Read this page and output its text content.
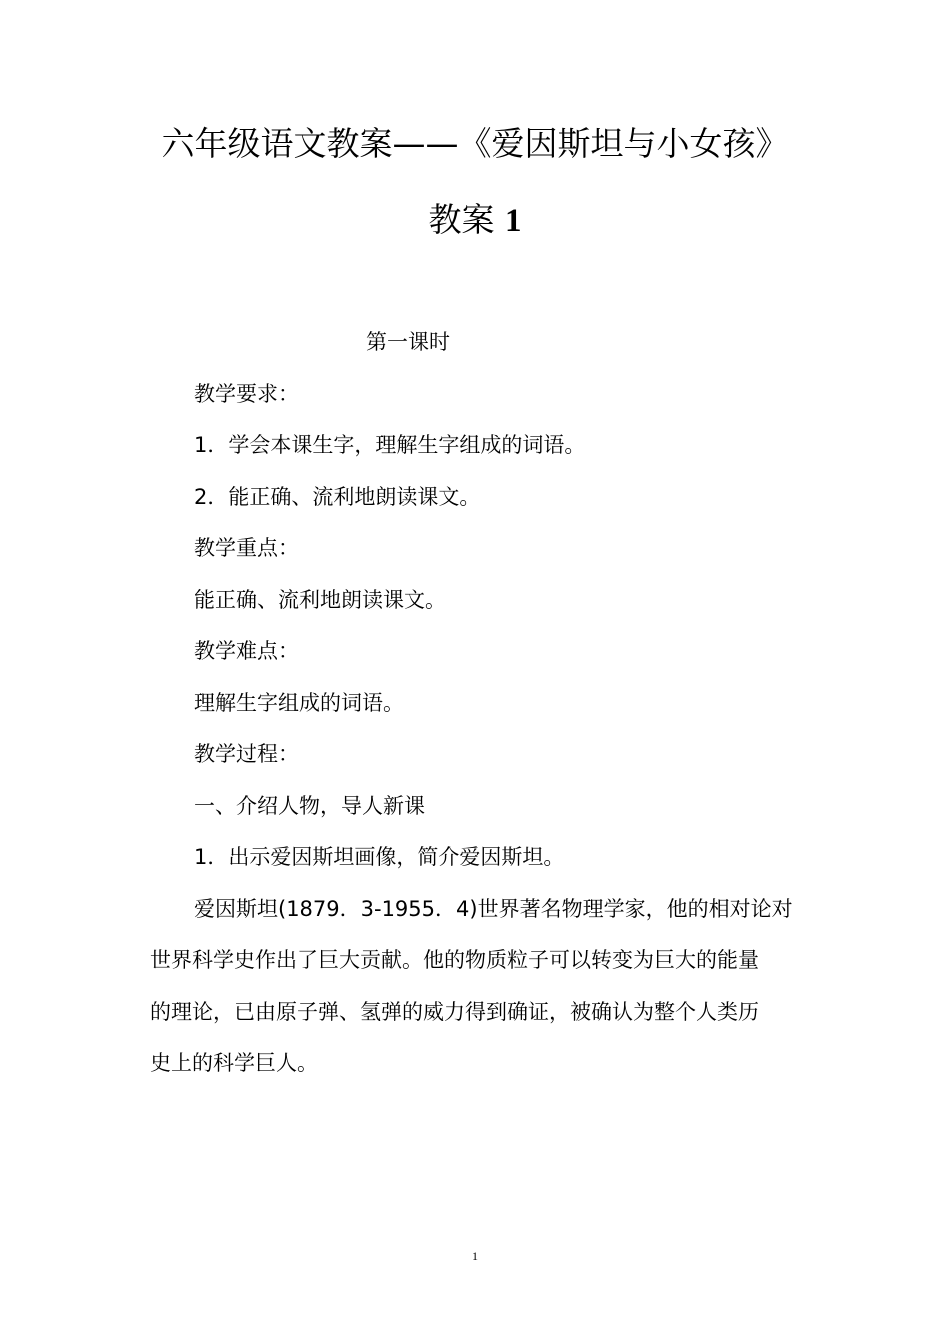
六年级语文教案——《爱因斯坦与小女孩》
教案 1
第一课时
教学要求：
1．学会本课生字，理解生字组成的词语。
2．能正确、流利地朗读课文。
教学重点：
能正确、流利地朗读课文。
教学难点：
理解生字组成的词语。
教学过程：
一、介绍人物，导人新课
1．出示爱因斯坦画像，简介爱因斯坦。
爱因斯坦(1879．3-1955．4)世界著名物理学家，他的相对论对
世界科学史作出了巨大贡献。他的物质粒子可以转变为巨大的能量
的理论，已由原子弹、氢弹的威力得到确证，被确认为整个人类历
史上的科学巨人。
1
